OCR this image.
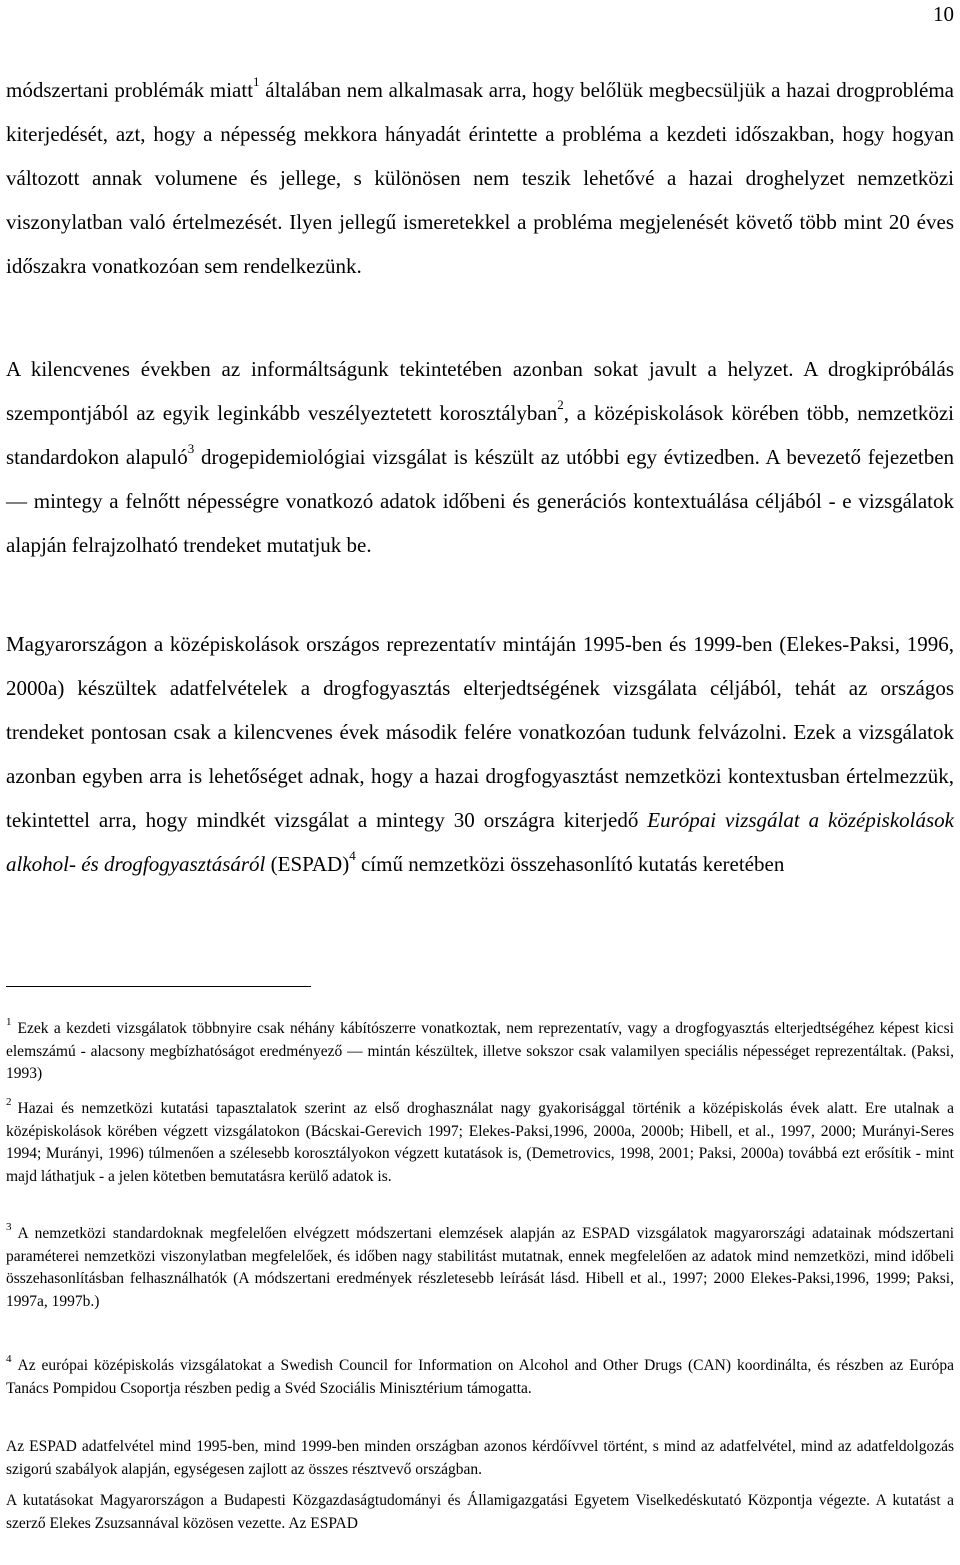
10

módszertani problémák miatt$^1$ általában nem alkalmasak arra, hogy belőlük megbecsüljük a hazai drogprobléma kiterjedését, azt, hogy a népesség mekkora hányadát érintette a probléma a kezdeti időszakban, hogy hogyan változott annak volumene és jellege, s különösen nem teszik lehetővé a hazai droghelyzet nemzetközi viszonylatban való értelmezését. Ilyen jellegű ismeretekkel a probléma megjelenését követő több mint 20 éves időszakra vonatkozóan sem rendelkezünk.

A kilencvenes években az informáltságunk tekintetében azonban sokat javult a helyzet. A drogkipróbálás szempontjából az egyik leginkább veszélyeztetett korosztályban$^2$, a középiskolások körében több, nemzetközi standardokon alapuló$^3$ drogepidemiológiai vizsgálat is készült az utóbbi egy évtizedben. A bevezető fejezetben — mintegy a felnőtt népességre vonatkozó adatok időbeni és generációs kontextuálása céljából - e vizsgálatok alapján felrajzolható trendeket mutatjuk be.

Magyarországon a középiskolások országos reprezentatív mintáján 1995-ben és 1999-ben (Elekes-Paksi, 1996, 2000a) készültek adatfelvételek a drogfogyasztás elterjedtségének vizsgálata céljából, tehát az országos trendeket pontosan csak a kilencvenes évek második felére vonatkozóan tudunk felvázolni. Ezek a vizsgálatok azonban egyben arra is lehetőséget adnak, hogy a hazai drogfogyasztást nemzetközi kontextusban értelmezzük, tekintettel arra, hogy mindkét vizsgálat a mintegy 30 országra kiterjedő Európai vizsgálat a középiskolások alkohol- és drogfogyasztásáról (ESPAD)$^4$ című nemzetközi összehasonlító kutatás keretében

$^1$ Ezek a kezdeti vizsgálatok többnyire csak néhány kábítószerre vonatkoztak, nem reprezentatív, vagy a drogfogyasztás elterjedtségéhez képest kicsi elemszámú - alacsony megbízhatóságot eredményező — mintán készültek, illetve sokszor csak valamilyen speciális népességet reprezentáltak. (Paksi, 1993)

$^2$ Hazai és nemzetközi kutatási tapasztalatok szerint az első droghasználat nagy gyakorisággal történik a középiskolás évek alatt. Ere utalnak a középiskolások körében végzett vizsgálatokon (Bácskai-Gerevich 1997; Elekes-Paksi,1996, 2000a, 2000b; Hibell, et al., 1997, 2000; Murányi-Seres 1994; Murányi, 1996) túlmenően a szélesebb korosztályokon végzett kutatások is, (Demetrovics, 1998, 2001; Paksi, 2000a) továbbá ezt erősítik - mint majd láthatjuk - a jelen kötetben bemutatásra kerülő adatok is.

$^3$ A nemzetközi standardoknak megfelelően elvégzett módszertani elemzések alapján az ESPAD vizsgálatok magyarországi adatainak módszertani paraméterei nemzetközi viszonylatban megfelelőek, és időben nagy stabilitást mutatnak, ennek megfelelően az adatok mind nemzetközi, mind időbeli összehasonlításban felhasználhatók (A módszertani eredmények részletesebb leírását lásd. Hibell et al., 1997; 2000 Elekes-Paksi,1996, 1999; Paksi, 1997a, 1997b.)

$^4$ Az európai középiskolás vizsgálatokat a Swedish Council for Information on Alcohol and Other Drugs (CAN) koordinálta, és részben az Európa Tanács Pompidou Csoportja részben pedig a Svéd Szociális Minisztérium támogatta.

Az ESPAD adatfelvétel mind 1995-ben, mind 1999-ben minden országban azonos kérdőívvel történt, s mind az adatfelvétel, mind az adatfeldolgozás szigorú szabályok alapján, egységesen zajlott az összes résztvevő országban.

A kutatásokat Magyarországon a Budapesti Közgazdaságtudományi és Államigazgatási Egyetem Viselkedéskutató Központja végezte. A kutatást a szerző Elekes Zsuzsannával közösen vezette. Az ESPAD
